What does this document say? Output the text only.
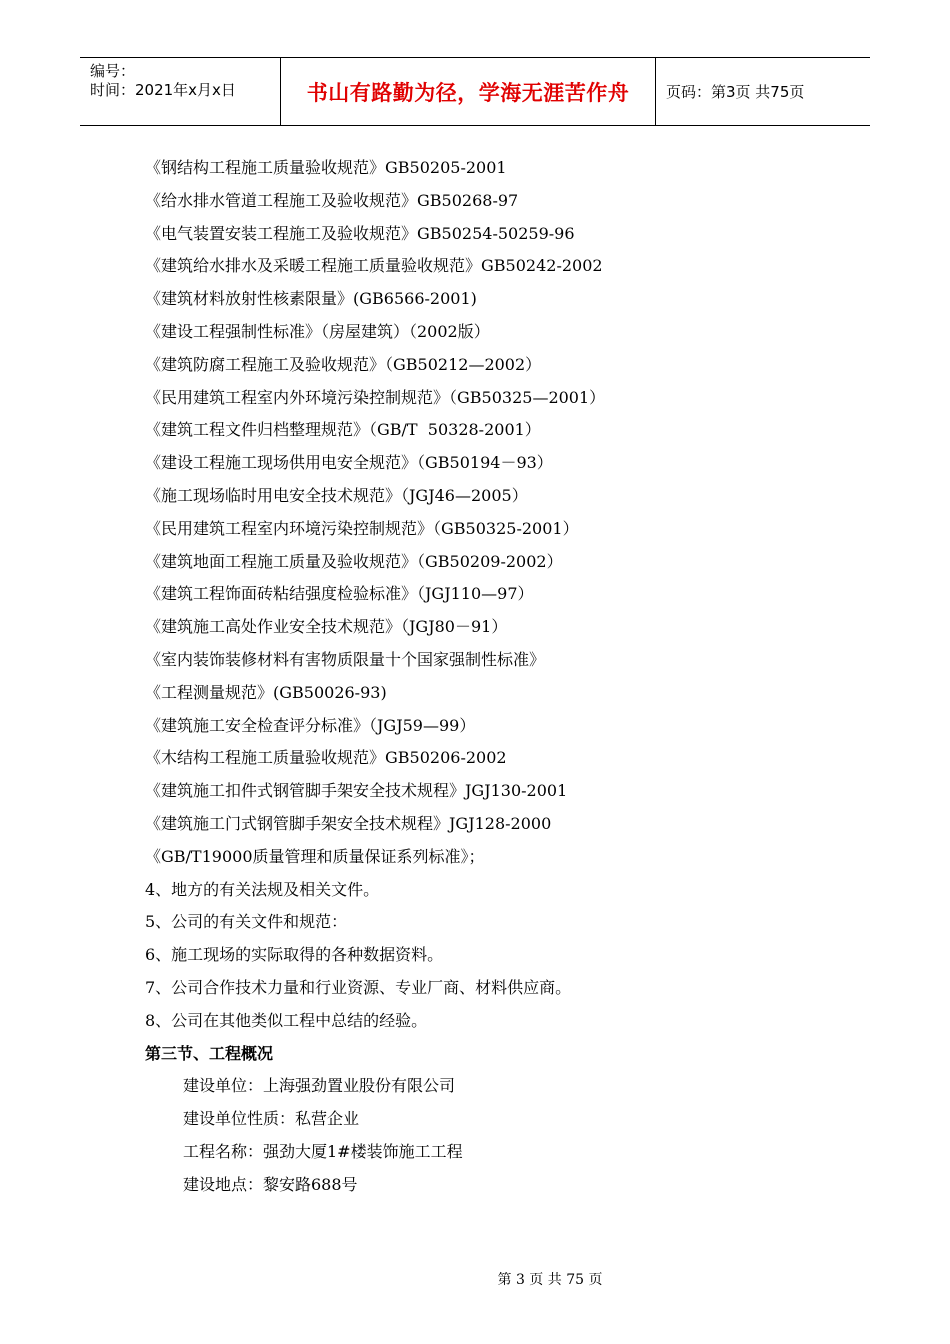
编号：
时间：2021年x月x日	书山有路勤为径，学海无涯苦作舟	页码：第3页 共75页
《钢结构工程施工质量验收规范》GB50205-2001
《给水排水管道工程施工及验收规范》GB50268-97
《电气装置安装工程施工及验收规范》GB50254-50259-96
《建筑给水排水及采暖工程施工质量验收规范》GB50242-2002
《建筑材料放射性核素限量》(GB6566-2001)
《建设工程强制性标准》（房屋建筑）（2002版）
《建筑防腐工程施工及验收规范》（GB50212—2002）
《民用建筑工程室内外环境污染控制规范》（GB50325—2001）
《建筑工程文件归档整理规范》（GB/T  50328-2001）
《建设工程施工现场供用电安全规范》（GB50194－93）
《施工现场临时用电安全技术规范》（JGJ46—2005）
《民用建筑工程室内环境污染控制规范》（GB50325-2001）
《建筑地面工程施工质量及验收规范》（GB50209-2002）
《建筑工程饰面砖粘结强度检验标准》（JGJ110—97）
《建筑施工高处作业安全技术规范》（JGJ80－91）
《室内装饰装修材料有害物质限量十个国家强制性标准》
《工程测量规范》(GB50026-93)
《建筑施工安全检查评分标准》（JGJ59—99）
《木结构工程施工质量验收规范》GB50206-2002
《建筑施工扣件式钢管脚手架安全技术规程》JGJ130-2001
《建筑施工门式钢管脚手架安全技术规程》JGJ128-2000
《GB/T19000质量管理和质量保证系列标准》；
4、地方的有关法规及相关文件。
5、公司的有关文件和规范：
6、施工现场的实际取得的各种数据资料。
7、公司合作技术力量和行业资源、专业厂商、材料供应商。
8、公司在其他类似工程中总结的经验。
第三节、工程概况
建设单位：上海强劲置业股份有限公司
建设单位性质：私营企业
工程名称：强劲大厦1#楼装饰施工工程
建设地点：黎安路688号
第 3 页 共 75 页
